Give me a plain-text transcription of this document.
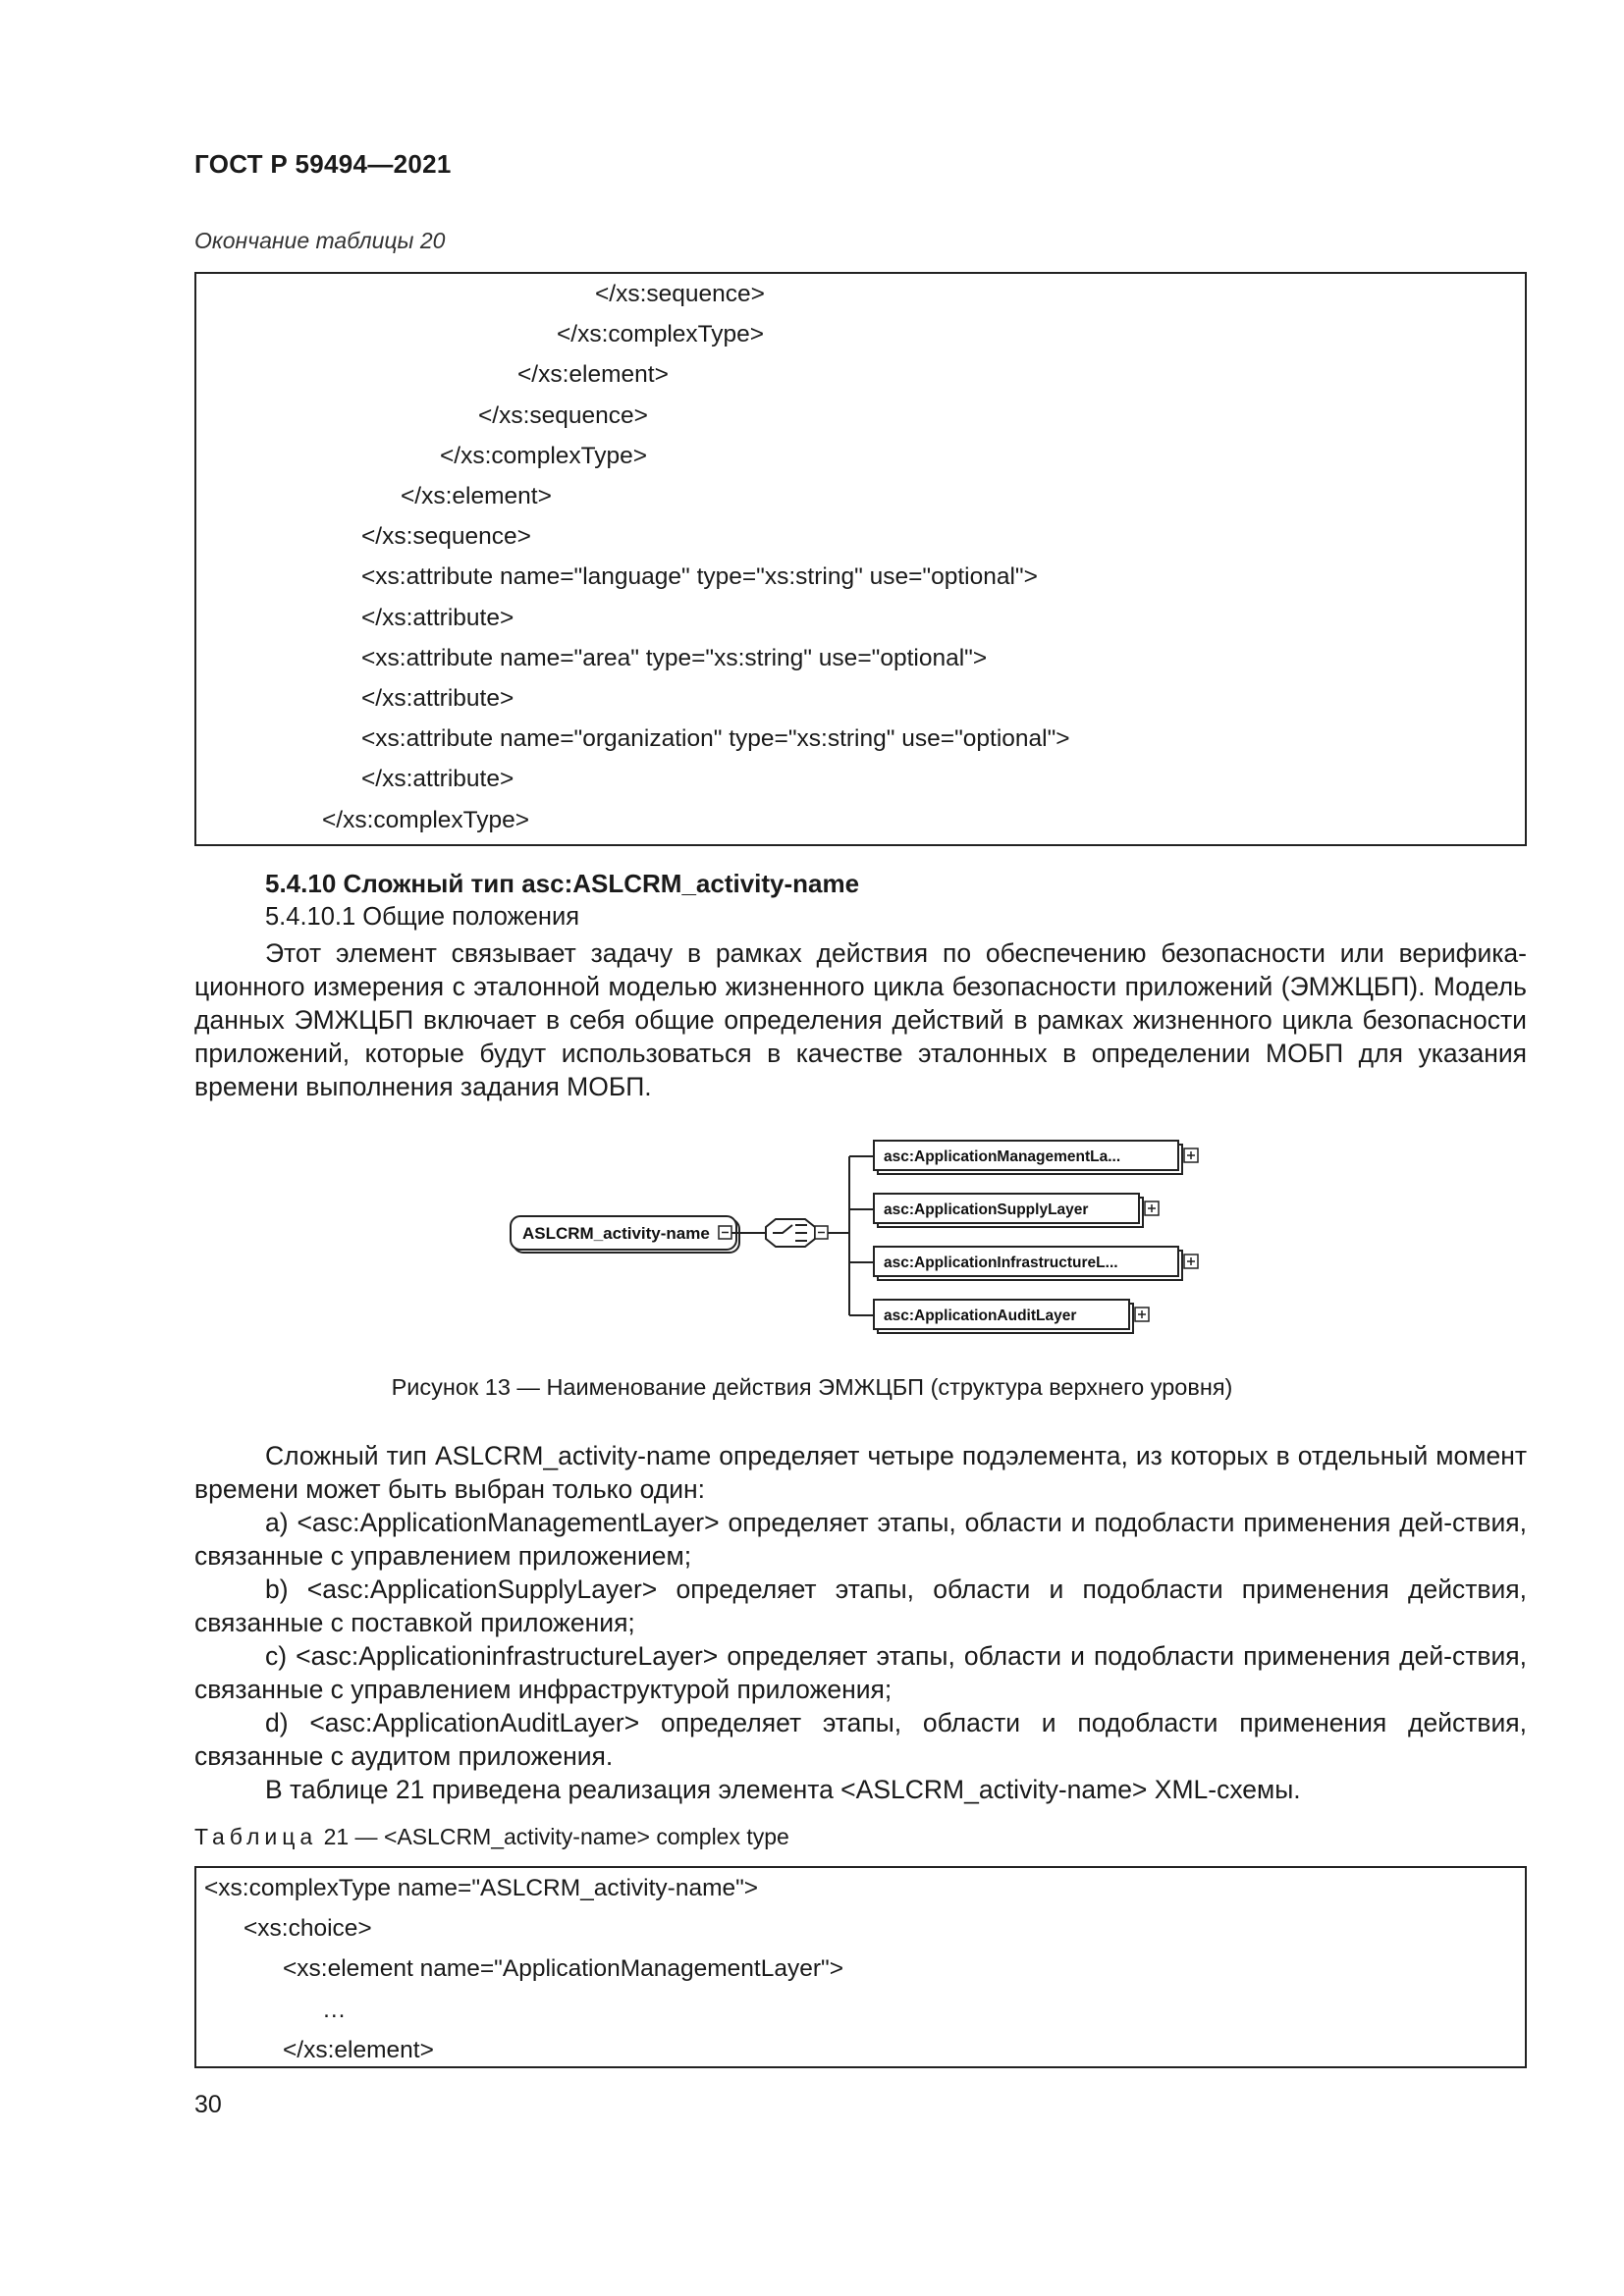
ГОСТ Р 59494—2021
Окончание таблицы 20

</xs:sequence>

</xs:complexType>

</xs:element>

</xs:sequence>

</xs:complexType>

</xs:element>

</xs:sequence>

<xs:attribute name="language" type="xs:string" use="optional">

</xs:attribute>

<xs:attribute name="area" type="xs:string" use="optional">

</xs:attribute>

<xs:attribute name="organization" type="xs:string" use="optional">

</xs:attribute>

</xs:complexType>

5.4.10 Сложный тип asc:ASLCRM_activity-name
5.4.10.1 Общие положения

Этот элемент связывает задачу в рамках действия по обеспечению безопасности или верифика-ционного измерения с эталонной моделью жизненного цикла безопасности приложений (ЭМЖЦБП). Модель данных ЭМЖЦБП включает в себя общие определения действий в рамках жизненного цикла безопасности приложений, которые будут использоваться в качестве эталонных в определении МОБП для указания времени выполнения задания МОБП.

ASLCRM_activity-name
asc:ApplicationManagementLa...
asc:ApplicationSupplyLayer
asc:ApplicationInfrastructureL...
asc:ApplicationAuditLayer
Рисунок 13 — Наименование действия ЭМЖЦБП (структура верхнего уровня)

Сложный тип ASLCRM_activity-name определяет четыре подэлемента, из которых в отдельный момент времени может быть выбран только один:

a) <asc:ApplicationManagementLayer> определяет этапы, области и подобласти применения дей-ствия, связанные с управлением приложением;

b) <asc:ApplicationSupplyLayer> определяет этапы, области и подобласти применения действия, связанные с поставкой приложения;

c) <asc:ApplicationinfrastructureLayer> определяет этапы, области и подобласти применения дей-ствия, связанные с управлением инфраструктурой приложения;

d) <asc:ApplicationAuditLayer> определяет этапы, области и подобласти применения действия, связанные с аудитом приложения.

В таблице 21 приведена реализация элемента <ASLCRM_activity-name> XML-схемы.

Таблица 21 — <ASLCRM_activity-name> complex type

<xs:complexType name="ASLCRM_activity-name">

<xs:choice>

<xs:element name="ApplicationManagementLayer">

…

</xs:element>

30
